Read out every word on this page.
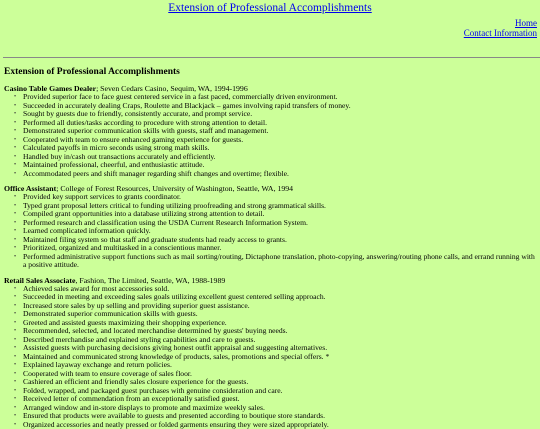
Extension of Professional Accomplishments
Home
Contact Information
Extension of Professional Accomplishments
Casino Table Games Dealer; Seven Cedars Casino, Sequim, WA, 1994-1996
• Provided superior face to face guest centered service in a fast paced, commercially driven environment.
• Succeeded in accurately dealing Craps, Roulette and Blackjack – games involving rapid transfers of money.
• Sought by guests due to friendly, consistently accurate, and prompt service.
• Performed all duties/tasks according to procedure with strong attention to detail.
• Demonstrated superior communication skills with guests, staff and management.
• Cooperated with team to ensure enhanced gaming experience for guests.
• Calculated payoffs in micro seconds using strong math skills.
• Handled buy in/cash out transactions accurately and efficiently.
• Maintained professional, cheerful, and enthusiastic attitude.
• Accommodated peers and shift manager regarding shift changes and overtime; flexible.
Office Assistant; College of Forest Resources, University of Washington, Seattle, WA, 1994
• Provided key support services to grants coordinator.
• Typed grant proposal letters critical to funding utilizing proofreading and strong grammatical skills.
• Compiled grant opportunities into a database utilizing strong attention to detail.
• Performed research and classification using the USDA Current Research Information System.
• Learned complicated information quickly.
• Maintained filing system so that staff and graduate students had ready access to grants.
• Prioritized, organized and multitasked in a conscientious manner.
• Performed administrative support functions such as mail sorting/routing, Dictaphone translation, photo-copying, answering/routing phone calls, and errand running with a positive attitude.
Retail Sales Associate, Fashion, The Limited, Seattle, WA, 1988-1989
• Achieved sales award for most accessories sold.
• Succeeded in meeting and exceeding sales goals utilizing excellent guest centered selling approach.
• Increased store sales by up selling and providing superior guest assistance.
• Demonstrated superior communication skills with guests.
• Greeted and assisted guests maximizing their shopping experience.
• Recommended, selected, and located merchandise determined by guests' buying needs.
• Described merchandise and explained styling capabilities and care to guests.
• Assisted guests with purchasing decisions giving honest outfit appraisal and suggesting alternatives.
• Maintained and communicated strong knowledge of products, sales, promotions and special offers. *
• Explained layaway exchange and return policies.
• Cooperated with team to ensure coverage of sales floor.
• Cashiered an efficient and friendly sales closure experience for the guests.
• Folded, wrapped, and packaged guest purchases with genuine consideration and care.
• Received letter of commendation from an exceptionally satisfied guest.
• Arranged window and in-store displays to promote and maximize weekly sales.
• Ensured that products were available to guests and presented according to boutique store standards.
• Organized accessories and neatly pressed or folded garments ensuring they were sized appropriately.
